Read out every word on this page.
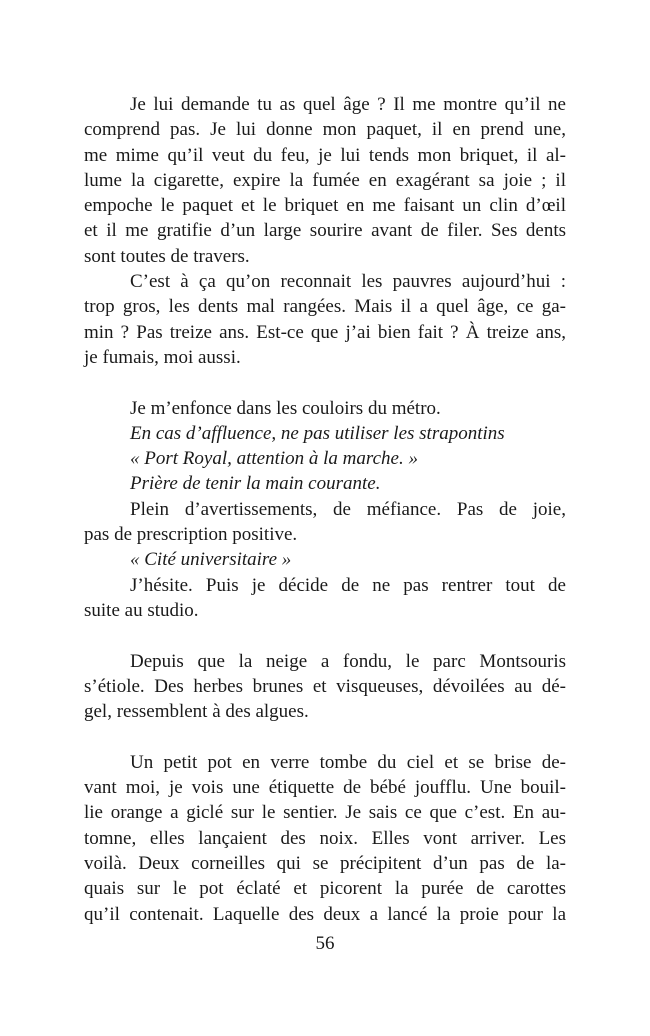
Je lui demande tu as quel âge ? Il me montre qu’il ne
comprend pas. Je lui donne mon paquet, il en prend une,
me mime qu’il veut du feu, je lui tends mon briquet, il al-
lume la cigarette, expire la fumée en exagérant sa joie ; il
empoche le paquet et le briquet en me faisant un clin d’œil
et il me gratifie d’un large sourire avant de filer. Ses dents
sont toutes de travers.
C’est à ça qu’on reconnait les pauvres aujourd’hui :
trop gros, les dents mal rangées. Mais il a quel âge, ce ga-
min ? Pas treize ans. Est-ce que j’ai bien fait ? À treize ans,
je fumais, moi aussi.
Je m’enfonce dans les couloirs du métro.
En cas d’affluence, ne pas utiliser les strapontins
« Port Royal, attention à la marche. »
Prière de tenir la main courante.
Plein d’avertissements, de méfiance. Pas de joie,
pas de prescription positive.
« Cité universitaire »
J’hésite. Puis je décide de ne pas rentrer tout de
suite au studio.
Depuis que la neige a fondu, le parc Montsouris
s’étiole. Des herbes brunes et visqueuses, dévoilées au dé-
gel, ressemblent à des algues.
Un petit pot en verre tombe du ciel et se brise de-
vant moi, je vois une étiquette de bébé joufflu. Une bouil-
lie orange a giclé sur le sentier. Je sais ce que c’est. En au-
tomne, elles lançaient des noix. Elles vont arriver. Les
voilà. Deux corneilles qui se précipitent d’un pas de la-
quais sur le pot éclaté et picorent la purée de carottes
qu’il contenait. Laquelle des deux a lancé la proie pour la
56
